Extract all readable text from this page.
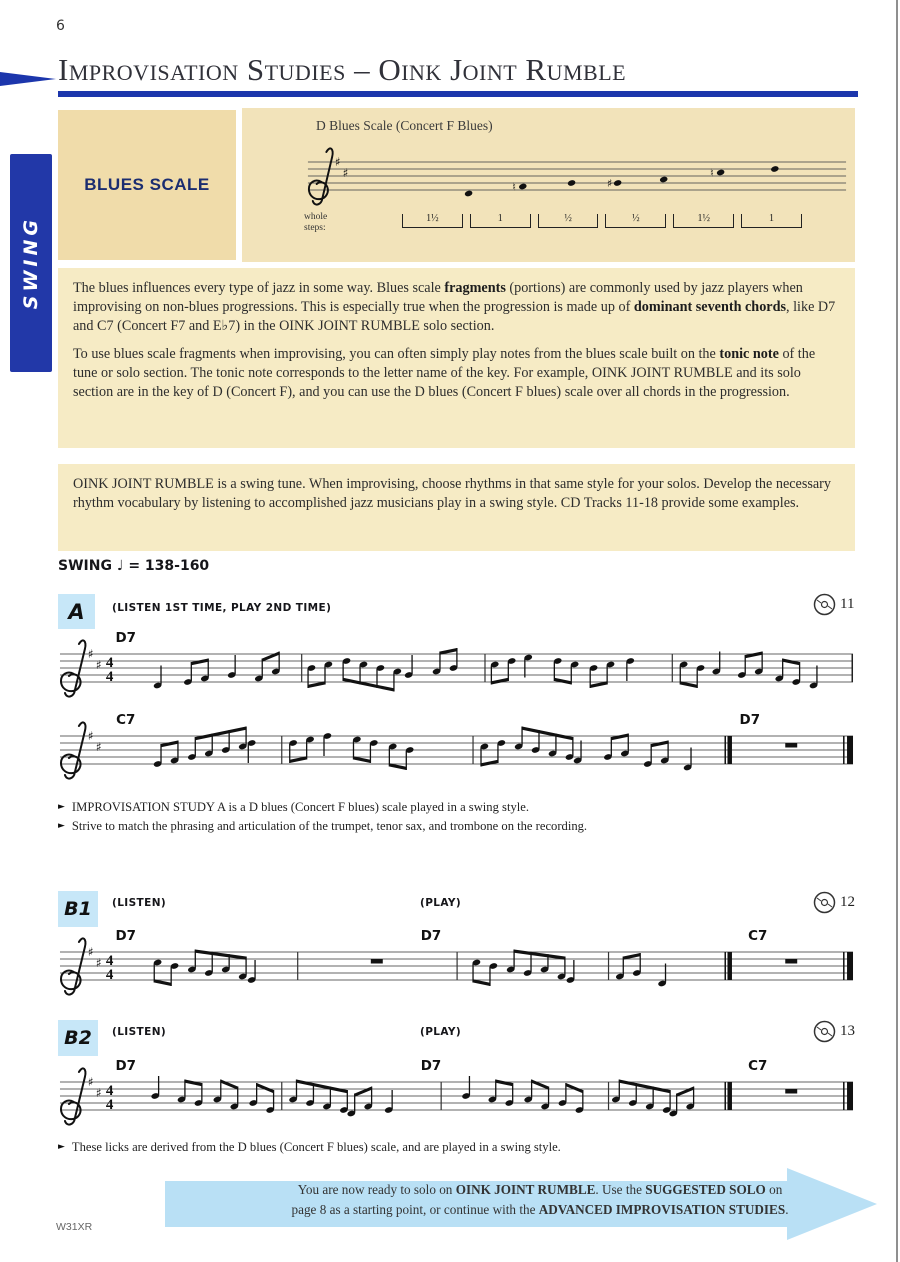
6
Improvisation Studies – Oink Joint Rumble
SWING
BLUES SCALE
D Blues Scale (Concert F Blues)
♯
♯
♮	♯
♮
whole
steps:
1½	1	½	½	1½	1
The blues influences every type of jazz in some way. Blues scale fragments (portions) are commonly used by jazz players when improvising on non-blues progressions. This is especially true when the progression is made up of dominant seventh chords, like D7 and C7 (Concert F7 and E♭7) in the OINK JOINT RUMBLE solo section.
To use blues scale fragments when improvising, you can often simply play notes from the blues scale built on the tonic note of the tune or solo section. The tonic note corresponds to the letter name of the key. For example, OINK JOINT RUMBLE and its solo section are in the key of D (Concert F), and you can use the D blues (Concert F blues) scale over all chords in the progression.
OINK JOINT RUMBLE is a swing tune. When improvising, choose rhythms in that same style for your solos. Develop the necessary rhythm vocabulary by listening to accomplished jazz musicians play in a swing style. CD Tracks 11-18 provide some examples.
SWING ♩ = 138-160
A	(LISTEN 1ST TIME, PLAY 2ND TIME)	11
♯
♯ 4
4
D7
♯
♯
C7	D7
► IMPROVISATION STUDY A is a D blues (Concert F blues) scale played in a swing style.
► Strive to match the phrasing and articulation of the trumpet, tenor sax, and trombone on the recording.
B1 (LISTEN)	(PLAY)	12
♯
♯ 4
4
D7	D7	C7
B2 (LISTEN)	(PLAY)	13
♯
♯ 4
4
D7	D7	C7
► These licks are derived from the D blues (Concert F blues) scale, and are played in a swing style.
You are now ready to solo on OINK JOINT RUMBLE. Use the SUGGESTED SOLO on
page 8 as a starting point, or continue with the ADVANCED IMPROVISATION STUDIES.
W31XR
